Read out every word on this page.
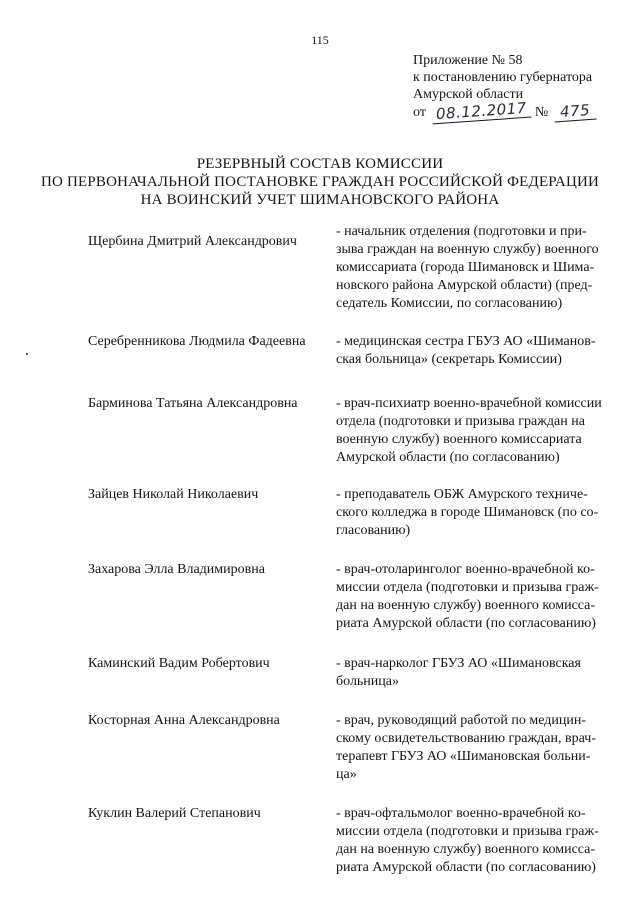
115
Приложение № 58
к постановлению губернатора
Амурской области
от 08.12.2017 № 475
РЕЗЕРВНЫЙ СОСТАВ КОМИССИИ
ПО ПЕРВОНАЧАЛЬНОЙ ПОСТАНОВКЕ ГРАЖДАН РОССИЙСКОЙ ФЕДЕРАЦИИ
НА ВОИНСКИЙ УЧЕТ ШИМАНОВСКОГО РАЙОНА
Щербина Дмитрий Александрович
- начальник отделения (подготовки и при-
зыва граждан на военную службу) военного
комиссариата (города Шимановск и Шима-
новского района Амурской области) (пред-
седатель Комиссии, по согласованию)
Серебренникова Людмила Фадеевна	- медицинская сестра ГБУЗ АО «Шиманов-
ская больница» (секретарь Комиссии)
Барминова Татьяна Александровна	- врач-психиатр военно-врачебной комиссии
отдела (подготовки и призыва граждан на
военную службу) военного комиссариата
Амурской области (по согласованию)
Зайцев Николай Николаевич	- преподаватель ОБЖ Амурского техниче-
ского колледжа в городе Шимановск (по со-
гласованию)
Захарова Элла Владимировна	- врач-отоларинголог военно-врачебной ко-
миссии отдела (подготовки и призыва граж-
дан на военную службу) военного комисса-
риата Амурской области (по согласованию)
Каминский Вадим Робертович	- врач-нарколог ГБУЗ АО «Шимановская
больница»
Косторная Анна Александровна	- врач, руководящий работой по медицин-
скому освидетельствованию граждан, врач-
терапевт ГБУЗ АО «Шимановская больни-
ца»
Куклин Валерий Степанович	- врач-офтальмолог военно-врачебной ко-
миссии отдела (подготовки и призыва граж-
дан на военную службу) военного комисса-
риата Амурской области (по согласованию)
